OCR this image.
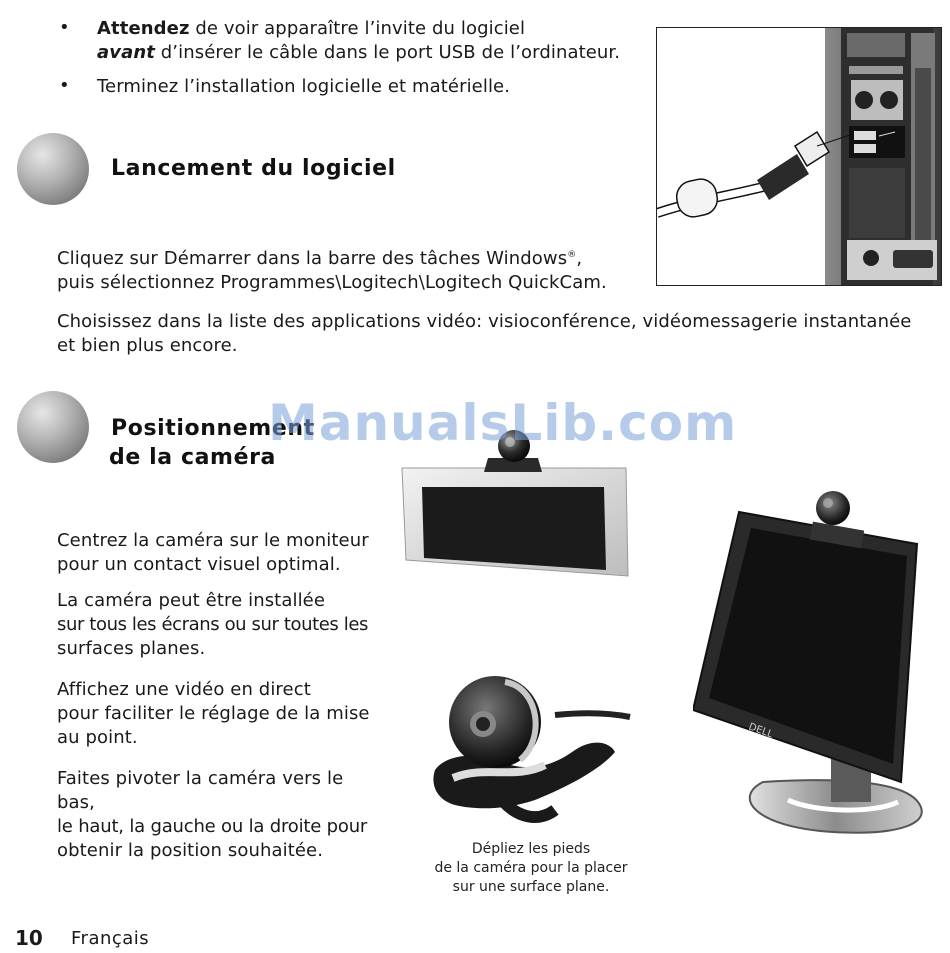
• Attendez de voir apparaître l’invite du logiciel
avant d’insérer le câble dans le port USB de l’ordinateur.
• Terminez l’installation logicielle et matérielle.
Lancement du logiciel
Cliquez sur Démarrer dans la barre des tâches Windows®,
puis sélectionnez Programmes\Logitech\Logitech QuickCam.
Choisissez dans la liste des applications vidéo: visioconférence, vidéomessagerie instantanée
et bien plus encore.
Positionnement
de la caméra
Centrez la caméra sur le moniteur
pour un contact visuel optimal.
La caméra peut être installée
sur tous les écrans ou sur toutes les
surfaces planes.
Affichez une vidéo en direct
pour faciliter le réglage de la mise
au point.
Faites pivoter la caméra vers le bas,
le haut, la gauche ou la droite pour
obtenir la position souhaitée.
ManualsLib.com
Dépliez les pieds
de la caméra pour la placer
sur une surface plane.
DELL
10 Français
